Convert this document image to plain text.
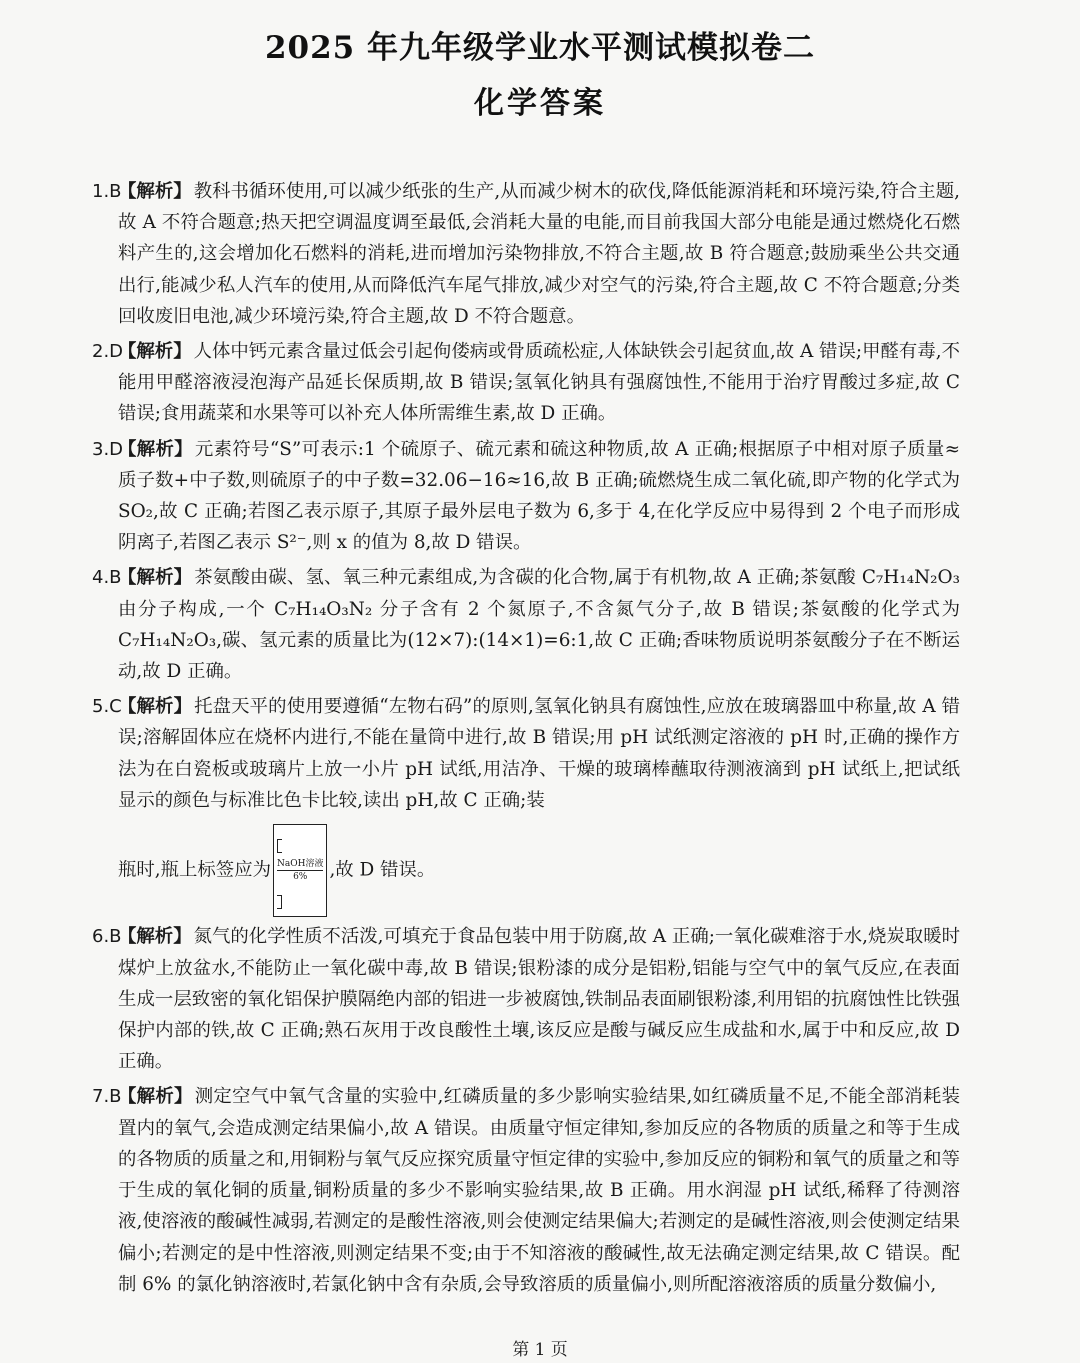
2025 年九年级学业水平测试模拟卷二
化学答案
1.B
【解析】 教科书循环使用,可以减少纸张的生产,从而减少树木的砍伐,降低能源消耗和环境污染,符合主题,故 A 不符合题意;热天把空调温度调至最低,会消耗大量的电能,而目前我国大部分电能是通过燃烧化石燃料产生的,这会增加化石燃料的消耗,进而增加污染物排放,不符合主题,故 B 符合题意;鼓励乘坐公共交通出行,能减少私人汽车的使用,从而降低汽车尾气排放,减少对空气的污染,符合主题,故 C 不符合题意;分类回收废旧电池,减少环境污染,符合主题,故 D 不符合题意。
2.D
【解析】 人体中钙元素含量过低会引起佝偻病或骨质疏松症,人体缺铁会引起贫血,故 A 错误;甲醛有毒,不能用甲醛溶液浸泡海产品延长保质期,故 B 错误;氢氧化钠具有强腐蚀性,不能用于治疗胃酸过多症,故 C 错误;食用蔬菜和水果等可以补充人体所需维生素,故 D 正确。
3.D
【解析】 元素符号“S”可表示:1 个硫原子、硫元素和硫这种物质,故 A 正确;根据原子中相对原子质量≈质子数+中子数,则硫原子的中子数=32.06−16≈16,故 B 正确;硫燃烧生成二氧化硫,即产物的化学式为 SO₂,故 C 正确;若图乙表示原子,其原子最外层电子数为 6,多于 4,在化学反应中易得到 2 个电子而形成阴离子,若图乙表示 S²⁻,则 x 的值为 8,故 D 错误。
4.B
【解析】 茶氨酸由碳、氢、氧三种元素组成,为含碳的化合物,属于有机物,故 A 正确;茶氨酸 C₇H₁₄N₂O₃ 由分子构成,一个 C₇H₁₄O₃N₂ 分子含有 2 个氮原子,不含氮气分子,故 B 错误;茶氨酸的化学式为 C₇H₁₄N₂O₃,碳、氢元素的质量比为(12×7):(14×1)=6:1,故 C 正确;香味物质说明茶氨酸分子在不断运动,故 D 正确。
5.C
【解析】 托盘天平的使用要遵循“左物右码”的原则,氢氧化钠具有腐蚀性,应放在玻璃器皿中称量,故 A 错误;溶解固体应在烧杯内进行,不能在量筒中进行,故 B 错误;用 pH 试纸测定溶液的 pH 时,正确的操作方法为在白瓷板或玻璃片上放一小片 pH 试纸,用洁净、干燥的玻璃棒蘸取待测液滴到 pH 试纸上,把试纸显示的颜色与标准比色卡比较,读出 pH,故 C 正确;装
瓶时,瓶上标签应为 NaOH溶液
6%	,故 D 错误。
6.B
【解析】 氮气的化学性质不活泼,可填充于食品包装中用于防腐,故 A 正确;一氧化碳难溶于水,烧炭取暖时煤炉上放盆水,不能防止一氧化碳中毒,故 B 错误;银粉漆的成分是铝粉,铝能与空气中的氧气反应,在表面生成一层致密的氧化铝保护膜隔绝内部的铝进一步被腐蚀,铁制品表面刷银粉漆,利用铝的抗腐蚀性比铁强保护内部的铁,故 C 正确;熟石灰用于改良酸性土壤,该反应是酸与碱反应生成盐和水,属于中和反应,故 D 正确。
7.B
【解析】 测定空气中氧气含量的实验中,红磷质量的多少影响实验结果,如红磷质量不足,不能全部消耗装置内的氧气,会造成测定结果偏小,故 A 错误。由质量守恒定律知,参加反应的各物质的质量之和等于生成的各物质的质量之和,用铜粉与氧气反应探究质量守恒定律的实验中,参加反应的铜粉和氧气的质量之和等于生成的氧化铜的质量,铜粉质量的多少不影响实验结果,故 B 正确。用水润湿 pH 试纸,稀释了待测溶液,使溶液的酸碱性减弱,若测定的是酸性溶液,则会使测定结果偏大;若测定的是碱性溶液,则会使测定结果偏小;若测定的是中性溶液,则测定结果不变;由于不知溶液的酸碱性,故无法确定测定结果,故 C 错误。配制 6% 的氯化钠溶液时,若氯化钠中含有杂质,会导致溶质的质量偏小,则所配溶液溶质的质量分数偏小,
第 1 页
